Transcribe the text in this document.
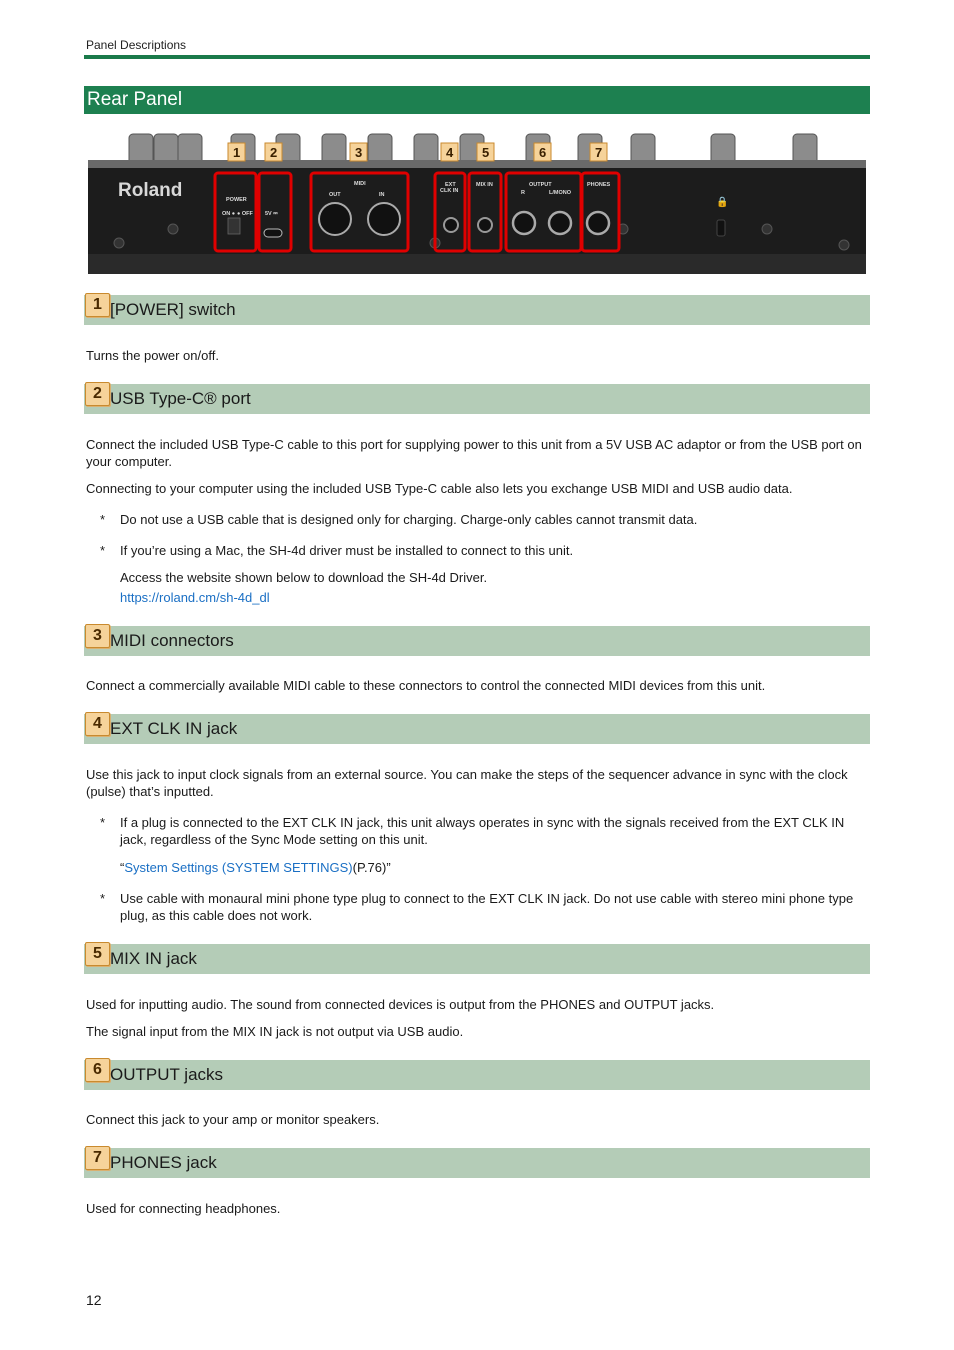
Panel Descriptions
Rear Panel
Roland	POWER
ON ● ● OFF 5V ⎓
MIDI
OUT	IN
EXT
CLK IN
MIX IN	OUTPUT
R	L/MONO
PHONES
🔒
1 2	3	4 5	6	7
1 [POWER] switch
Turns the power on/off.
2 USB Type-C® port
Connect the included USB Type-C cable to this port for supplying power to this unit from a 5V USB AC adaptor or from the USB port on your computer.
Connecting to your computer using the included USB Type-C cable also lets you exchange USB MIDI and USB audio data.
*	Do not use a USB cable that is designed only for charging. Charge-only cables cannot transmit data.
*	If you’re using a Mac, the SH-4d driver must be installed to connect to this unit.
Access the website shown below to download the SH-4d Driver.
https://roland.cm/sh-4d_dl
3 MIDI connectors
Connect a commercially available MIDI cable to these connectors to control the connected MIDI devices from this unit.
4 EXT CLK IN jack
Use this jack to input clock signals from an external source. You can make the steps of the sequencer advance in sync with the clock (pulse) that’s inputted.
*	If a plug is connected to the EXT CLK IN jack, this unit always operates in sync with the signals received from the EXT CLK IN jack, regardless of the Sync Mode setting on this unit.
“System Settings (SYSTEM SETTINGS)(P.76)”
*	Use cable with monaural mini phone type plug to connect to the EXT CLK IN jack. Do not use cable with stereo mini phone type plug, as this cable does not work.
5 MIX IN jack
Used for inputting audio. The sound from connected devices is output from the PHONES and OUTPUT jacks.
The signal input from the MIX IN jack is not output via USB audio.
6 OUTPUT jacks
Connect this jack to your amp or monitor speakers.
7 PHONES jack
Used for connecting headphones.
12
